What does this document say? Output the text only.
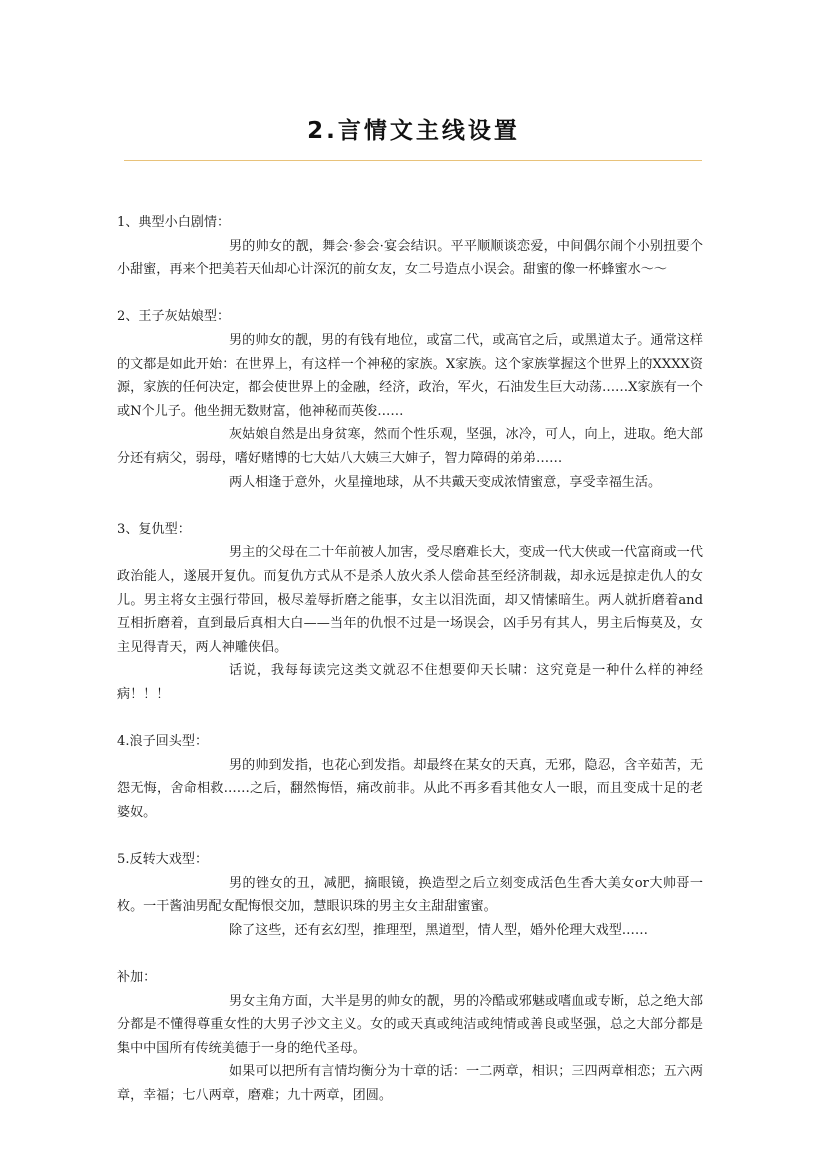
2.言情文主线设置

1、典型小白剧情：

男的帅女的靓，舞会·参会·宴会结识。平平顺顺谈恋爱，中间偶尔闹个小别扭要个小甜蜜，再来个把美若天仙却心计深沉的前女友，女二号造点小误会。甜蜜的像一杯蜂蜜水～～

2、王子灰姑娘型：

男的帅女的靓，男的有钱有地位，或富二代，或高官之后，或黑道太子。通常这样的文都是如此开始：在世界上，有这样一个神秘的家族。X家族。这个家族掌握这个世界上的XXXX资源，家族的任何决定，都会使世界上的金融，经济，政治，军火，石油发生巨大动荡……X家族有一个或N个儿子。他坐拥无数财富，他神秘而英俊……

灰姑娘自然是出身贫寒，然而个性乐观，坚强，冰冷，可人，向上，进取。绝大部分还有病父，弱母，嗜好赌博的七大姑八大姨三大婶子，智力障碍的弟弟……

两人相逢于意外，火星撞地球，从不共戴天变成浓情蜜意，享受幸福生活。

3、复仇型：

男主的父母在二十年前被人加害，受尽磨难长大，变成一代大侠或一代富商或一代政治能人，遂展开复仇。而复仇方式从不是杀人放火杀人偿命甚至经济制裁，却永远是掠走仇人的女儿。男主将女主强行带回，极尽羞辱折磨之能事，女主以泪洗面，却又情愫暗生。两人就折磨着and互相折磨着，直到最后真相大白——当年的仇恨不过是一场误会，凶手另有其人，男主后悔莫及，女主见得青天，两人神雕侠侣。

话说，我每每读完这类文就忍不住想要仰天长啸：这究竟是一种什么样的神经病！！！

4.浪子回头型：

男的帅到发指，也花心到发指。却最终在某女的天真，无邪，隐忍，含辛茹苦，无怨无悔，舍命相救……之后，翻然悔悟，痛改前非。从此不再多看其他女人一眼，而且变成十足的老婆奴。

5.反转大戏型：

男的锉女的丑，减肥，摘眼镜，换造型之后立刻变成活色生香大美女or大帅哥一枚。一干酱油男配女配悔恨交加，慧眼识珠的男主女主甜甜蜜蜜。

除了这些，还有玄幻型，推理型，黑道型，情人型，婚外伦理大戏型……

补加：

男女主角方面，大半是男的帅女的靓，男的冷酷或邪魅或嗜血或专断，总之绝大部分都是不懂得尊重女性的大男子沙文主义。女的或天真或纯洁或纯情或善良或坚强，总之大部分都是集中中国所有传统美德于一身的绝代圣母。

如果可以把所有言情均衡分为十章的话：一二两章，相识；三四两章相恋；五六两章，幸福；七八两章，磨难；九十两章，团圆。
